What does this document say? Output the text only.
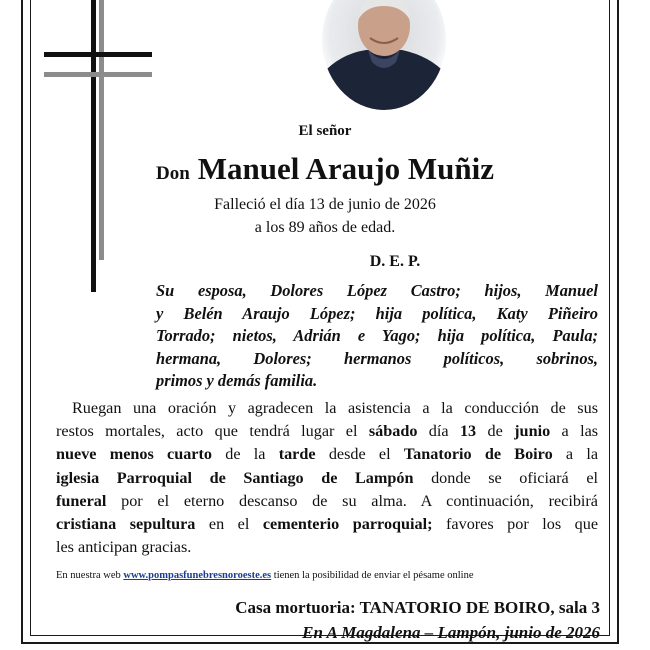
El señor
Don Manuel Araujo Muñiz
Falleció el día 13 de junio de 2026
a los 89 años de edad.
D. E. P.
Su esposa, Dolores López Castro; hijos, Manuel
y Belén Araujo López; hija política, Katy Piñeiro
Torrado; nietos, Adrián e Yago; hija política, Paula;
hermana, Dolores; hermanos políticos, sobrinos,
primos y demás familia.
Ruegan una oración y agradecen la asistencia a la conducción de sus
restos mortales, acto que tendrá lugar el sábado día 13 de junio a las
nueve menos cuarto de la tarde desde el Tanatorio de Boiro a la
iglesia Parroquial de Santiago de Lampón donde se oficiará el
funeral por el eterno descanso de su alma. A continuación, recibirá
cristiana sepultura en el cementerio parroquial; favores por los que
les anticipan gracias.
En nuestra web www.pompasfunebresnoroeste.es tienen la posibilidad de enviar el pésame online
Casa mortuoria: TANATORIO DE BOIRO, sala 3
En A Magdalena – Lampón, junio de 2026
